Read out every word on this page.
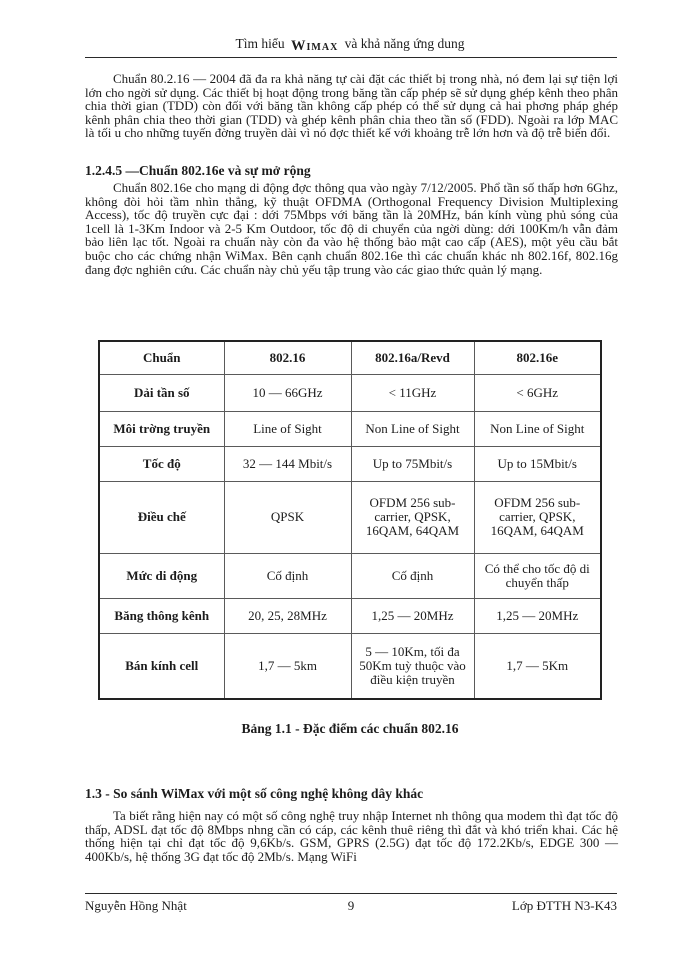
Tìm hiểu Wimax và khả năng ứng dung
Chuẩn 80.2.16 — 2004 đã đa ra khả năng tự cài đặt các thiết bị trong nhà, nó đem lại sự tiện lợi lớn cho ngời sử dụng. Các thiết bị hoạt động trong băng tần cấp phép sẽ sử dụng ghép kênh theo phân chia thời gian (TDD) còn đối với băng tần không cấp phép có thể sử dụng cả hai phơng pháp ghép kênh phân chia theo thời gian (TDD) và ghép kênh phân chia theo tần số (FDD). Ngoài ra lớp MAC là tối u cho những tuyến đờng truyền dài vì nó đợc thiết kế với khoảng trễ lớn hơn và độ trễ biến đổi.
1.2.4.5 —Chuẩn 802.16e và sự mở rộng
Chuẩn 802.16e cho mạng di động đợc thông qua vào ngày 7/12/2005. Phổ tần số thấp hơn 6Ghz, không đòi hỏi tầm nhìn thẳng, kỹ thuật OFDMA (Orthogonal Frequency Division Multiplexing Access), tốc độ truyền cực đại : dới 75Mbps với băng tần là 20MHz, bán kính vùng phủ sóng của 1cell là 1-3Km Indoor và 2-5 Km Outdoor, tốc độ di chuyển của ngời dùng: dới 100Km/h vẫn đảm bảo liên lạc tốt. Ngoài ra chuẩn này còn đa vào hệ thống bảo mật cao cấp (AES), một yêu cầu bắt buộc cho các chứng nhận WiMax. Bên cạnh chuẩn 802.16e thì các chuẩn khác nh 802.16f, 802.16g đang đợc nghiên cứu. Các chuẩn này chủ yếu tập trung vào các giao thức quản lý mạng.
Chuẩn	802.16	802.16a/Revd	802.16e
Dải tần số	10 — 66GHz	< 11GHz	< 6GHz
Môi trờng truyền	Line of Sight	Non Line of Sight	Non Line of Sight
Tốc độ	32 — 144 Mbit/s	Up to 75Mbit/s	Up to 15Mbit/s
Điều chế	QPSK	OFDM 256 sub-carrier, QPSK, 16QAM, 64QAM	OFDM 256 sub-carrier, QPSK, 16QAM, 64QAM
Mức di động	Cố định	Cố định	Có thể cho tốc độ di chuyển thấp
Băng thông kênh	20, 25, 28MHz	1,25 — 20MHz	1,25 — 20MHz
Bán kính cell	1,7 — 5km	5 — 10Km, tối đa 50Km tuỳ thuộc vào điều kiện truyền	1,7 — 5Km
Bảng 1.1 - Đặc điểm các chuẩn 802.16
1.3 - So sánh WiMax với một số công nghệ không dây khác
Ta biết rằng hiện nay có một số công nghệ truy nhập Internet nh thông qua modem thì đạt tốc độ thấp, ADSL đạt tốc độ 8Mbps nhng cần có cáp, các kênh thuê riêng thì đắt và khó triển khai. Các hệ thống hiện tại chỉ đạt tốc độ 9,6Kb/s. GSM, GPRS (2.5G) đạt tốc độ 172.2Kb/s, EDGE 300 — 400Kb/s, hệ thống 3G đạt tốc độ 2Mb/s. Mạng WiFi
9
Nguyễn Hồng Nhật	Lớp ĐTTH N3-K43
